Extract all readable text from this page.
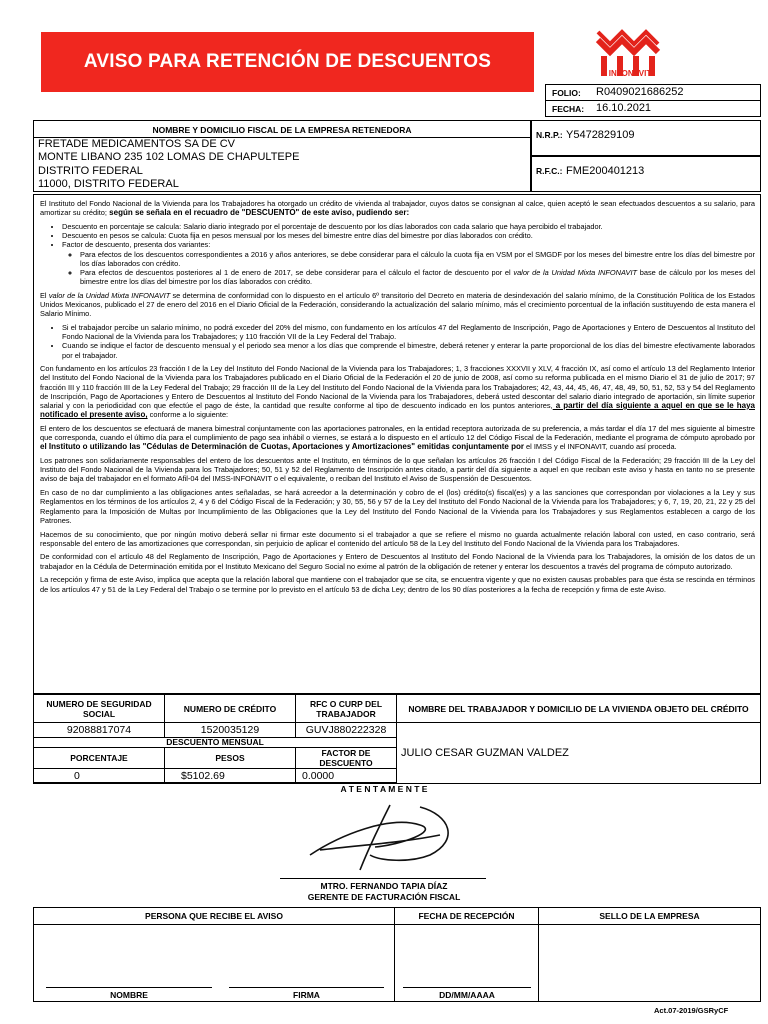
AVISO PARA RETENCIÓN DE DESCUENTOS
INFONAVIT
FOLIO: R0409021686252
FECHA: 16.10.2021
NOMBRE Y DOMICILIO FISCAL DE LA EMPRESA RETENEDORA
FRETADE MEDICAMENTOS SA DE CV
MONTE LIBANO 235 102 LOMAS DE CHAPULTEPE
DISTRITO FEDERAL
11000, DISTRITO FEDERAL
N.R.P.: Y5472829109
R.F.C.: FME200401213

El Instituto del Fondo Nacional de la Vivienda para los Trabajadores ha otorgado un crédito de vivienda al trabajador, cuyos datos se consignan al calce, quien aceptó le sean efectuados descuentos a su salario, para amortizar su crédito; según se señala en el recuadro de "DESCUENTO" de este aviso, pudiendo ser:

• Descuento en porcentaje se calcula: Salario diario integrado por el porcentaje de descuento por los días laborados con cada salario que haya percibido el trabajador.
• Descuento en pesos se calcula: Cuota fija en pesos mensual por los meses del bimestre entre días del bimestre por días laborados con crédito.
• Factor de descuento, presenta dos variantes:
◦ Para efectos de los descuentos correspondientes a 2016 y años anteriores, se debe considerar para el cálculo la cuota fija en VSM por el SMGDF por los meses del bimestre entre los días del bimestre por los días laborados con crédito.
◦ Para efectos de descuentos posteriores al 1 de enero de 2017, se debe considerar para el cálculo el factor de descuento por el valor de la Unidad Mixta INFONAVIT base de cálculo por los meses del bimestre entre los días del bimestre por los días laborados con crédito.

El valor de la Unidad Mixta INFONAVIT se determina de conformidad con lo dispuesto en el artículo 6º transitorio del Decreto en materia de desindexación del salario mínimo, de la Constitución Política de los Estados Unidos Mexicanos, publicado el 27 de enero del 2016 en el Diario Oficial de la Federación, considerando la actualización del salario mínimo, más el crecimiento porcentual de la inflación sustituyendo de esta manera el Salario Mínimo.

• Si el trabajador percibe un salario mínimo, no podrá exceder del 20% del mismo, con fundamento en los artículos 47 del Reglamento de Inscripción, Pago de Aportaciones y Entero de Descuentos al Instituto del Fondo Nacional de la Vivienda para los Trabajadores; y 110 fracción VII de la Ley Federal del Trabajo.
• Cuando se indique el factor de descuento mensual y el periodo sea menor a los días que comprende el bimestre, deberá retener y enterar la parte proporcional de los días del bimestre efectivamente laborados por el trabajador.

Con fundamento en los artículos 23 fracción I de la Ley del Instituto del Fondo Nacional de la Vivienda para los Trabajadores; 1, 3 fracciones XXXVII y XLV, 4 fracción IX, así como el artículo 13 del Reglamento Interior del Instituto del Fondo Nacional de la Vivienda para los Trabajadores publicado en el Diario Oficial de la Federación el 20 de junio de 2008, así como su reforma publicada en el mismo Diario el 31 de julio de 2017; 97 fracción III y 110 fracción III de la Ley Federal del Trabajo; 29 fracción III de la Ley del Instituto del Fondo Nacional de la Vivienda para los Trabajadores; 42, 43, 44, 45, 46, 47, 48, 49, 50, 51, 52, 53 y 54 del Reglamento de Inscripción, Pago de Aportaciones y Entero de Descuentos al Instituto del Fondo Nacional de la Vivienda para los Trabajadores, deberá usted descontar del salario diario integrado de aportación, sin límite superior salarial y con la periodicidad con que efectúe el pago de éste, la cantidad que resulte conforme al tipo de descuento indicado en los puntos anteriores, a partir del día siguiente a aquel en que se le haya notificado el presente aviso, conforme a lo siguiente:

El entero de los descuentos se efectuará de manera bimestral conjuntamente con las aportaciones patronales, en la entidad receptora autorizada de su preferencia, a más tardar el día 17 del mes siguiente al bimestre que corresponda, cuando el último día para el cumplimiento de pago sea inhábil o viernes, se estará a lo dispuesto en el artículo 12 del Código Fiscal de la Federación, mediante el programa de cómputo aprobado por el Instituto o utilizando las "Cédulas de Determinación de Cuotas, Aportaciones y Amortizaciones" emitidas conjuntamente por el IMSS y el INFONAVIT, cuando así proceda.

Los patrones son solidariamente responsables del entero de los descuentos ante el Instituto, en términos de lo que señalan los artículos 26 fracción I del Código Fiscal de la Federación; 29 fracción III de la Ley del Instituto del Fondo Nacional de la Vivienda para los Trabajadores; 50, 51 y 52 del Reglamento de Inscripción antes citado, a partir del día siguiente a aquel en que reciban este aviso y hasta en tanto no se presente aviso de baja del trabajador en el formato Afil-04 del IMSS-INFONAVIT o el equivalente, o reciban del Instituto el Aviso de Suspensión de Descuentos.

En caso de no dar cumplimiento a las obligaciones antes señaladas, se hará acreedor a la determinación y cobro de el (los) crédito(s) fiscal(es) y a las sanciones que correspondan por violaciones a la Ley y sus Reglamentos en los términos de los artículos 2, 4 y 6 del Código Fiscal de la Federación; y 30, 55, 56 y 57 de la Ley del Instituto del Fondo Nacional de la Vivienda para los Trabajadores; y 6, 7, 19, 20, 21, 22 y 25 del Reglamento para la Imposición de Multas por Incumplimiento de las Obligaciones que la Ley del Instituto del Fondo Nacional de la Vivienda para los Trabajadores y sus Reglamentos establecen a cargo de los Patrones.

Hacemos de su conocimiento, que por ningún motivo deberá sellar ni firmar este documento si el trabajador a que se refiere el mismo no guarda actualmente relación laboral con usted, en caso contrario, será responsable del entero de las amortizaciones que correspondan, sin perjuicio de aplicar el contenido del artículo 58 de la Ley del Instituto del Fondo Nacional de la Vivienda para los Trabajadores.

De conformidad con el artículo 48 del Reglamento de Inscripción, Pago de Aportaciones y Entero de Descuentos al Instituto del Fondo Nacional de la Vivienda para los Trabajadores, la omisión de los datos de un trabajador en la Cédula de Determinación emitida por el Instituto Mexicano del Seguro Social no exime al patrón de la obligación de retener y enterar los descuentos a través del programa de cómputo autorizado.

La recepción y firma de este Aviso, implica que acepta que la relación laboral que mantiene con el trabajador que se cita, se encuentra vigente y que no existen causas probables para que ésta se rescinda en términos de los artículos 47 y 51 de la Ley Federal del Trabajo o se termine por lo previsto en el artículo 53 de dicha Ley; dentro de los 90 días posteriores a la fecha de recepción y firma de este Aviso.

NUMERO DE SEGURIDAD SOCIAL	NUMERO DE CRÉDITO	RFC O CURP DEL TRABAJADOR	NOMBRE DEL TRABAJADOR Y DOMICILIO DE LA VIVIENDA OBJETO DEL CRÉDITO
92088817074	1520035129	GUVJ880222328	JULIO CESAR GUZMAN VALDEZ
DESCUENTO MENSUAL			
PORCENTAJE	PESOS	FACTOR DE DESCUENTO	
0	$5102.69	0.0000	

A T E N T A M E N T E
MTRO. FERNANDO TAPIA DÍAZ
GERENTE DE FACTURACIÓN FISCAL
PERSONA QUE RECIBE EL AVISO	FECHA DE RECEPCIÓN	SELLO DE LA EMPRESA

NOMBRE FIRMA	DD/MM/AAAA	

Act.07-2019/GSRyCF
